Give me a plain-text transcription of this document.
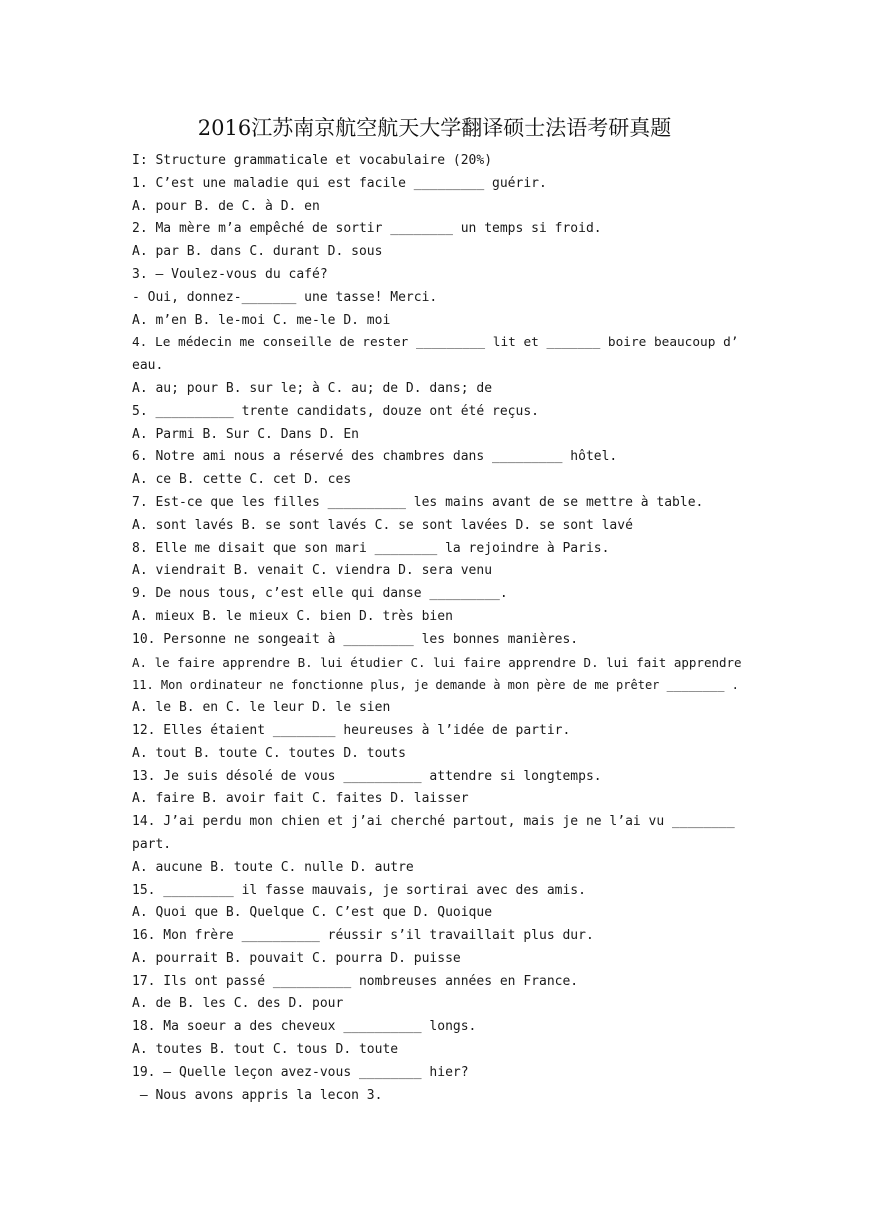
2016江苏南京航空航天大学翻译硕士法语考研真题
I: Structure grammaticale et vocabulaire (20%)
1. C’est une maladie qui est facile _________ guérir.
A. pour B. de C. à D. en
2. Ma mère m’a empêché de sortir ________ un temps si froid.
A. par B. dans C. durant D. sous
3. – Voulez-vous du café?
- Oui, donnez-_______ une tasse! Merci.
A. m’en B. le-moi C. me-le D. moi
4. Le médecin me conseille de rester _________ lit et _______ boire beaucoup d’
eau.
A. au; pour B. sur le; à C. au; de D. dans; de
5. __________ trente candidats, douze ont été reçus.
A. Parmi B. Sur C. Dans D. En
6. Notre ami nous a réservé des chambres dans _________ hôtel.
A. ce B. cette C. cet D. ces
7. Est-ce que les filles __________ les mains avant de se mettre à table.
A. sont lavés B. se sont lavés C. se sont lavées D. se sont lavé
8. Elle me disait que son mari ________ la rejoindre à Paris.
A. viendrait B. venait C. viendra D. sera venu
9. De nous tous, c’est elle qui danse _________.
A. mieux B. le mieux C. bien D. très bien
10. Personne ne songeait à _________ les bonnes manières.
A. le faire apprendre B. lui étudier C. lui faire apprendre D. lui fait apprendre
11. Mon ordinateur ne fonctionne plus, je demande à mon père de me prêter ________ .
A. le B. en C. le leur D. le sien
12. Elles étaient ________ heureuses à l’idée de partir.
A. tout B. toute C. toutes D. touts
13. Je suis désolé de vous __________ attendre si longtemps.
A. faire B. avoir fait C. faites D. laisser
14. J’ai perdu mon chien et j’ai cherché partout, mais je ne l’ai vu ________
part.
A. aucune B. toute C. nulle D. autre
15. _________ il fasse mauvais, je sortirai avec des amis.
A. Quoi que B. Quelque C. C’est que D. Quoique
16. Mon frère __________ réussir s’il travaillait plus dur.
A. pourrait B. pouvait C. pourra D. puisse
17. Ils ont passé __________ nombreuses années en France.
A. de B. les C. des D. pour
18. Ma soeur a des cheveux __________ longs.
A. toutes B. tout C. tous D. toute
19. – Quelle leçon avez-vous ________ hier?
– Nous avons appris la lecon 3.
